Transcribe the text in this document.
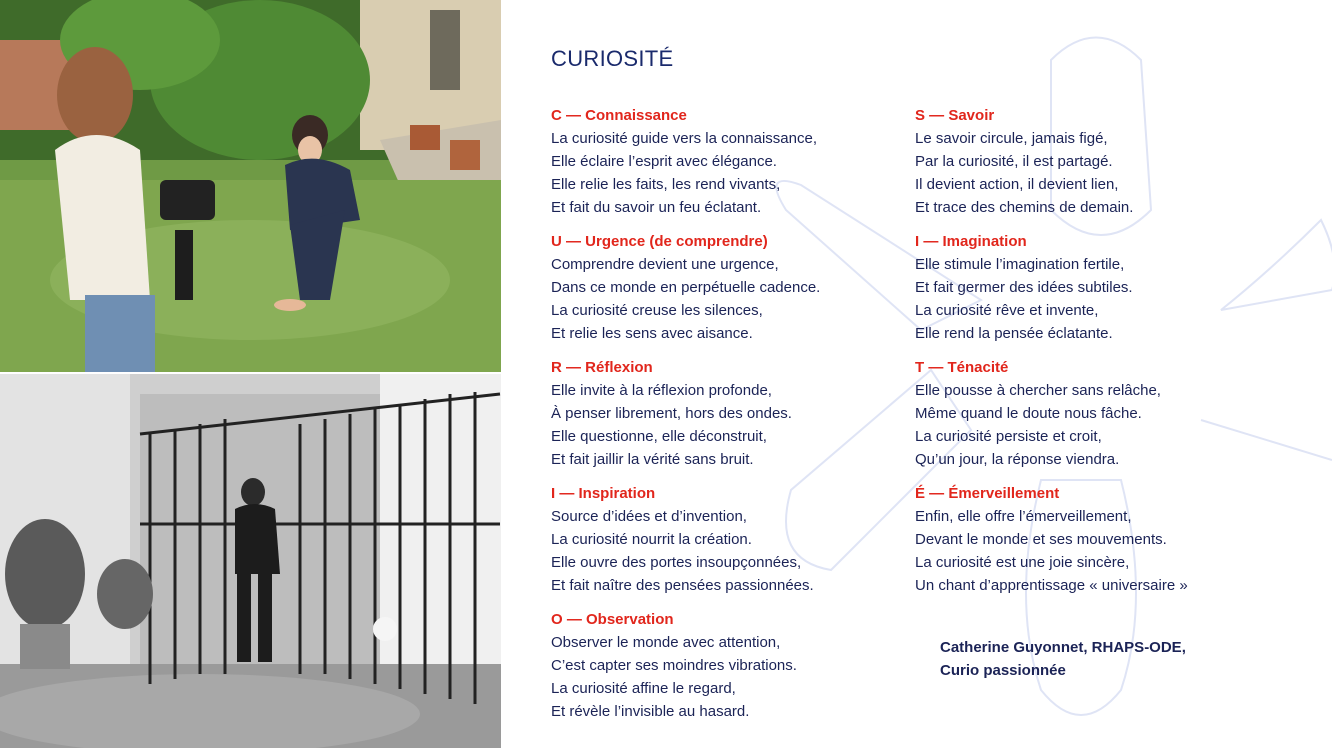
CURIOSITÉ
C — Connaissance
La curiosité guide vers la connaissance,
Elle éclaire l’esprit avec élégance.
Elle relie les faits, les rend vivants,
Et fait du savoir un feu éclatant.
U — Urgence (de comprendre)
Comprendre devient une urgence,
Dans ce monde en perpétuelle cadence.
La curiosité creuse les silences,
Et relie les sens avec aisance.
R — Réflexion
Elle invite à la réflexion profonde,
À penser librement, hors des ondes.
Elle questionne, elle déconstruit,
Et fait jaillir la vérité sans bruit.
I — Inspiration
Source d’idées et d’invention,
La curiosité nourrit la création.
Elle ouvre des portes insoupçonnées,
Et fait naître des pensées passionnées.
O — Observation
Observer le monde avec attention,
C’est capter ses moindres vibrations.
La curiosité affine le regard,
Et révèle l’invisible au hasard.
S — Savoir
Le savoir circule, jamais figé,
Par la curiosité, il est partagé.
Il devient action, il devient lien,
Et trace des chemins de demain.
I — Imagination
Elle stimule l’imagination fertile,
Et fait germer des idées subtiles.
La curiosité rêve et invente,
Elle rend la pensée éclatante.
T — Ténacité
Elle pousse à chercher sans relâche,
Même quand le doute nous fâche.
La curiosité persiste et croit,
Qu’un jour, la réponse viendra.
É — Émerveillement
Enfin, elle offre l’émerveillement,
Devant le monde et ses mouvements.
La curiosité est une joie sincère,
Un chant d’apprentissage « universaire »
Catherine Guyonnet, RHAPS-ODE,
Curio passionnée
